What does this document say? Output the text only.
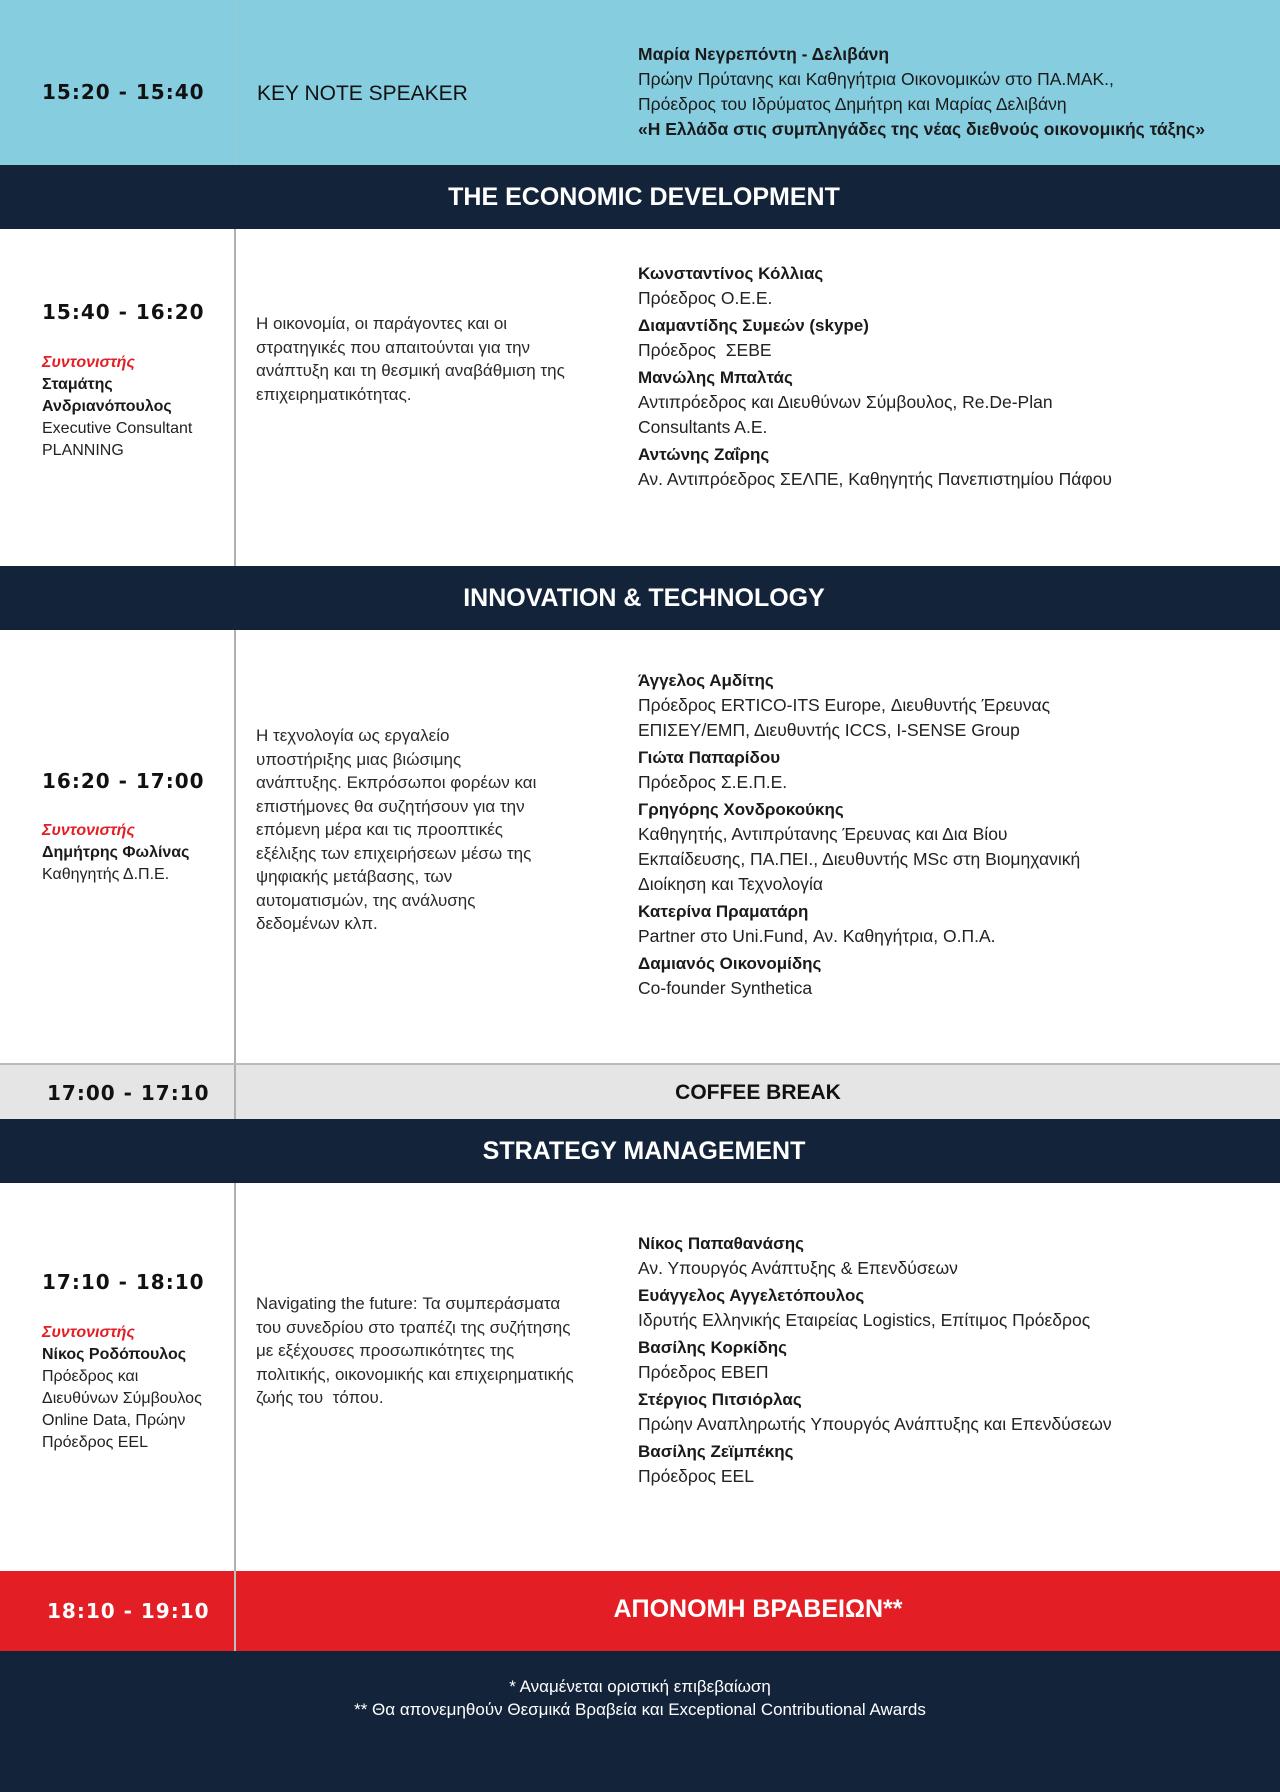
15:20 - 15:40 KEY NOTE SPEAKER
Μαρία Νεγρεπόντη - Δελιβάνη
Πρώην Πρύτανης και Καθηγήτρια Οικονομικών στο ΠΑ.ΜΑΚ.,
Πρόεδρος του Ιδρύματος Δημήτρη και Μαρίας Δελιβάνη
«Η Ελλάδα στις συμπληγάδες της νέας διεθνούς οικονομικής τάξης»
THE ECONOMIC DEVELOPMENT
15:40 - 16:20
Συντονιστής
Σταμάτης
Ανδριανόπουλος
Executive Consultant
PLANNING
Η οικονομία, οι παράγοντες και οι
στρατηγικές που απαιτούνται για την
ανάπτυξη και τη θεσμική αναβάθμιση της
επιχειρηματικότητας.
Κωνσταντίνος Κόλλιας
Πρόεδρος Ο.Ε.Ε.
Διαμαντίδης Συμεών (skype)
Πρόεδρος  ΣΕΒΕ
Μανώλης Μπαλτάς
Αντιπρόεδρος και Διευθύνων Σύμβουλος, Re.De-Plan
Consultants A.E.
Αντώνης Ζαΐρης
Αν. Αντιπρόεδρος ΣΕΛΠΕ, Καθηγητής Πανεπιστημίου Πάφου
INNOVATION & TECHNOLOGY
16:20 - 17:00
Συντονιστής
Δημήτρης Φωλίνας
Καθηγητής Δ.Π.Ε.
Η τεχνολογία ως εργαλείο
υποστήριξης μιας βιώσιμης
ανάπτυξης. Εκπρόσωποι φορέων και
επιστήμονες θα συζητήσουν για την
επόμενη μέρα και τις προοπτικές
εξέλιξης των επιχειρήσεων μέσω της
ψηφιακής μετάβασης, των
αυτοματισμών, της ανάλυσης
δεδομένων κλπ.
Άγγελος Αμδίτης
Πρόεδρος ERTICO-ITS Europe, Διευθυντής Έρευνας
ΕΠΙΣΕΥ/ΕΜΠ, Διευθυντής ICCS, I-SENSE Group
Γιώτα Παπαρίδου
Πρόεδρος Σ.Ε.Π.Ε.
Γρηγόρης Χονδροκούκης
Καθηγητής, Αντιπρύτανης Έρευνας και Δια Βίου
Εκπαίδευσης, ΠΑ.ΠΕΙ., Διευθυντής MSc στη Βιομηχανική
Διοίκηση και Τεχνολογία
Κατερίνα Πραματάρη
Partner στο Uni.Fund, Αν. Καθηγήτρια, Ο.Π.Α.
Δαμιανός Οικονομίδης
Co-founder Synthetica
17:00 - 17:10	COFFEE BREAK
STRATEGY MANAGEMENT
17:10 - 18:10
Συντονιστής
Νίκος Ροδόπουλος
Πρόεδρος και
Διευθύνων Σύμβουλος
Online Data, Πρώην
Πρόεδρος EEL
Navigating the future: Τα συμπεράσματα
του συνεδρίου στο τραπέζι της συζήτησης
με εξέχουσες προσωπικότητες της
πολιτικής, οικονομικής και επιχειρηματικής
ζωής του  τόπου.
Νίκος Παπαθανάσης
Αν. Υπουργός Ανάπτυξης & Επενδύσεων
Ευάγγελος Αγγελετόπουλος
Ιδρυτής Ελληνικής Εταιρείας Logistics, Επίτιμος Πρόεδρος
Βασίλης Κορκίδης
Πρόεδρος ΕΒΕΠ
Στέργιος Πιτσιόρλας
Πρώην Αναπληρωτής Υπουργός Ανάπτυξης και Επενδύσεων
Βασίλης Ζεϊμπέκης
Πρόεδρος EEL
18:10 - 19:10	ΑΠΟΝΟΜΗ ΒΡΑΒΕΙΩΝ**
* Αναμένεται οριστική επιβεβαίωση
** Θα απονεμηθούν Θεσμικά Βραβεία και Exceptional Contributional Awards
